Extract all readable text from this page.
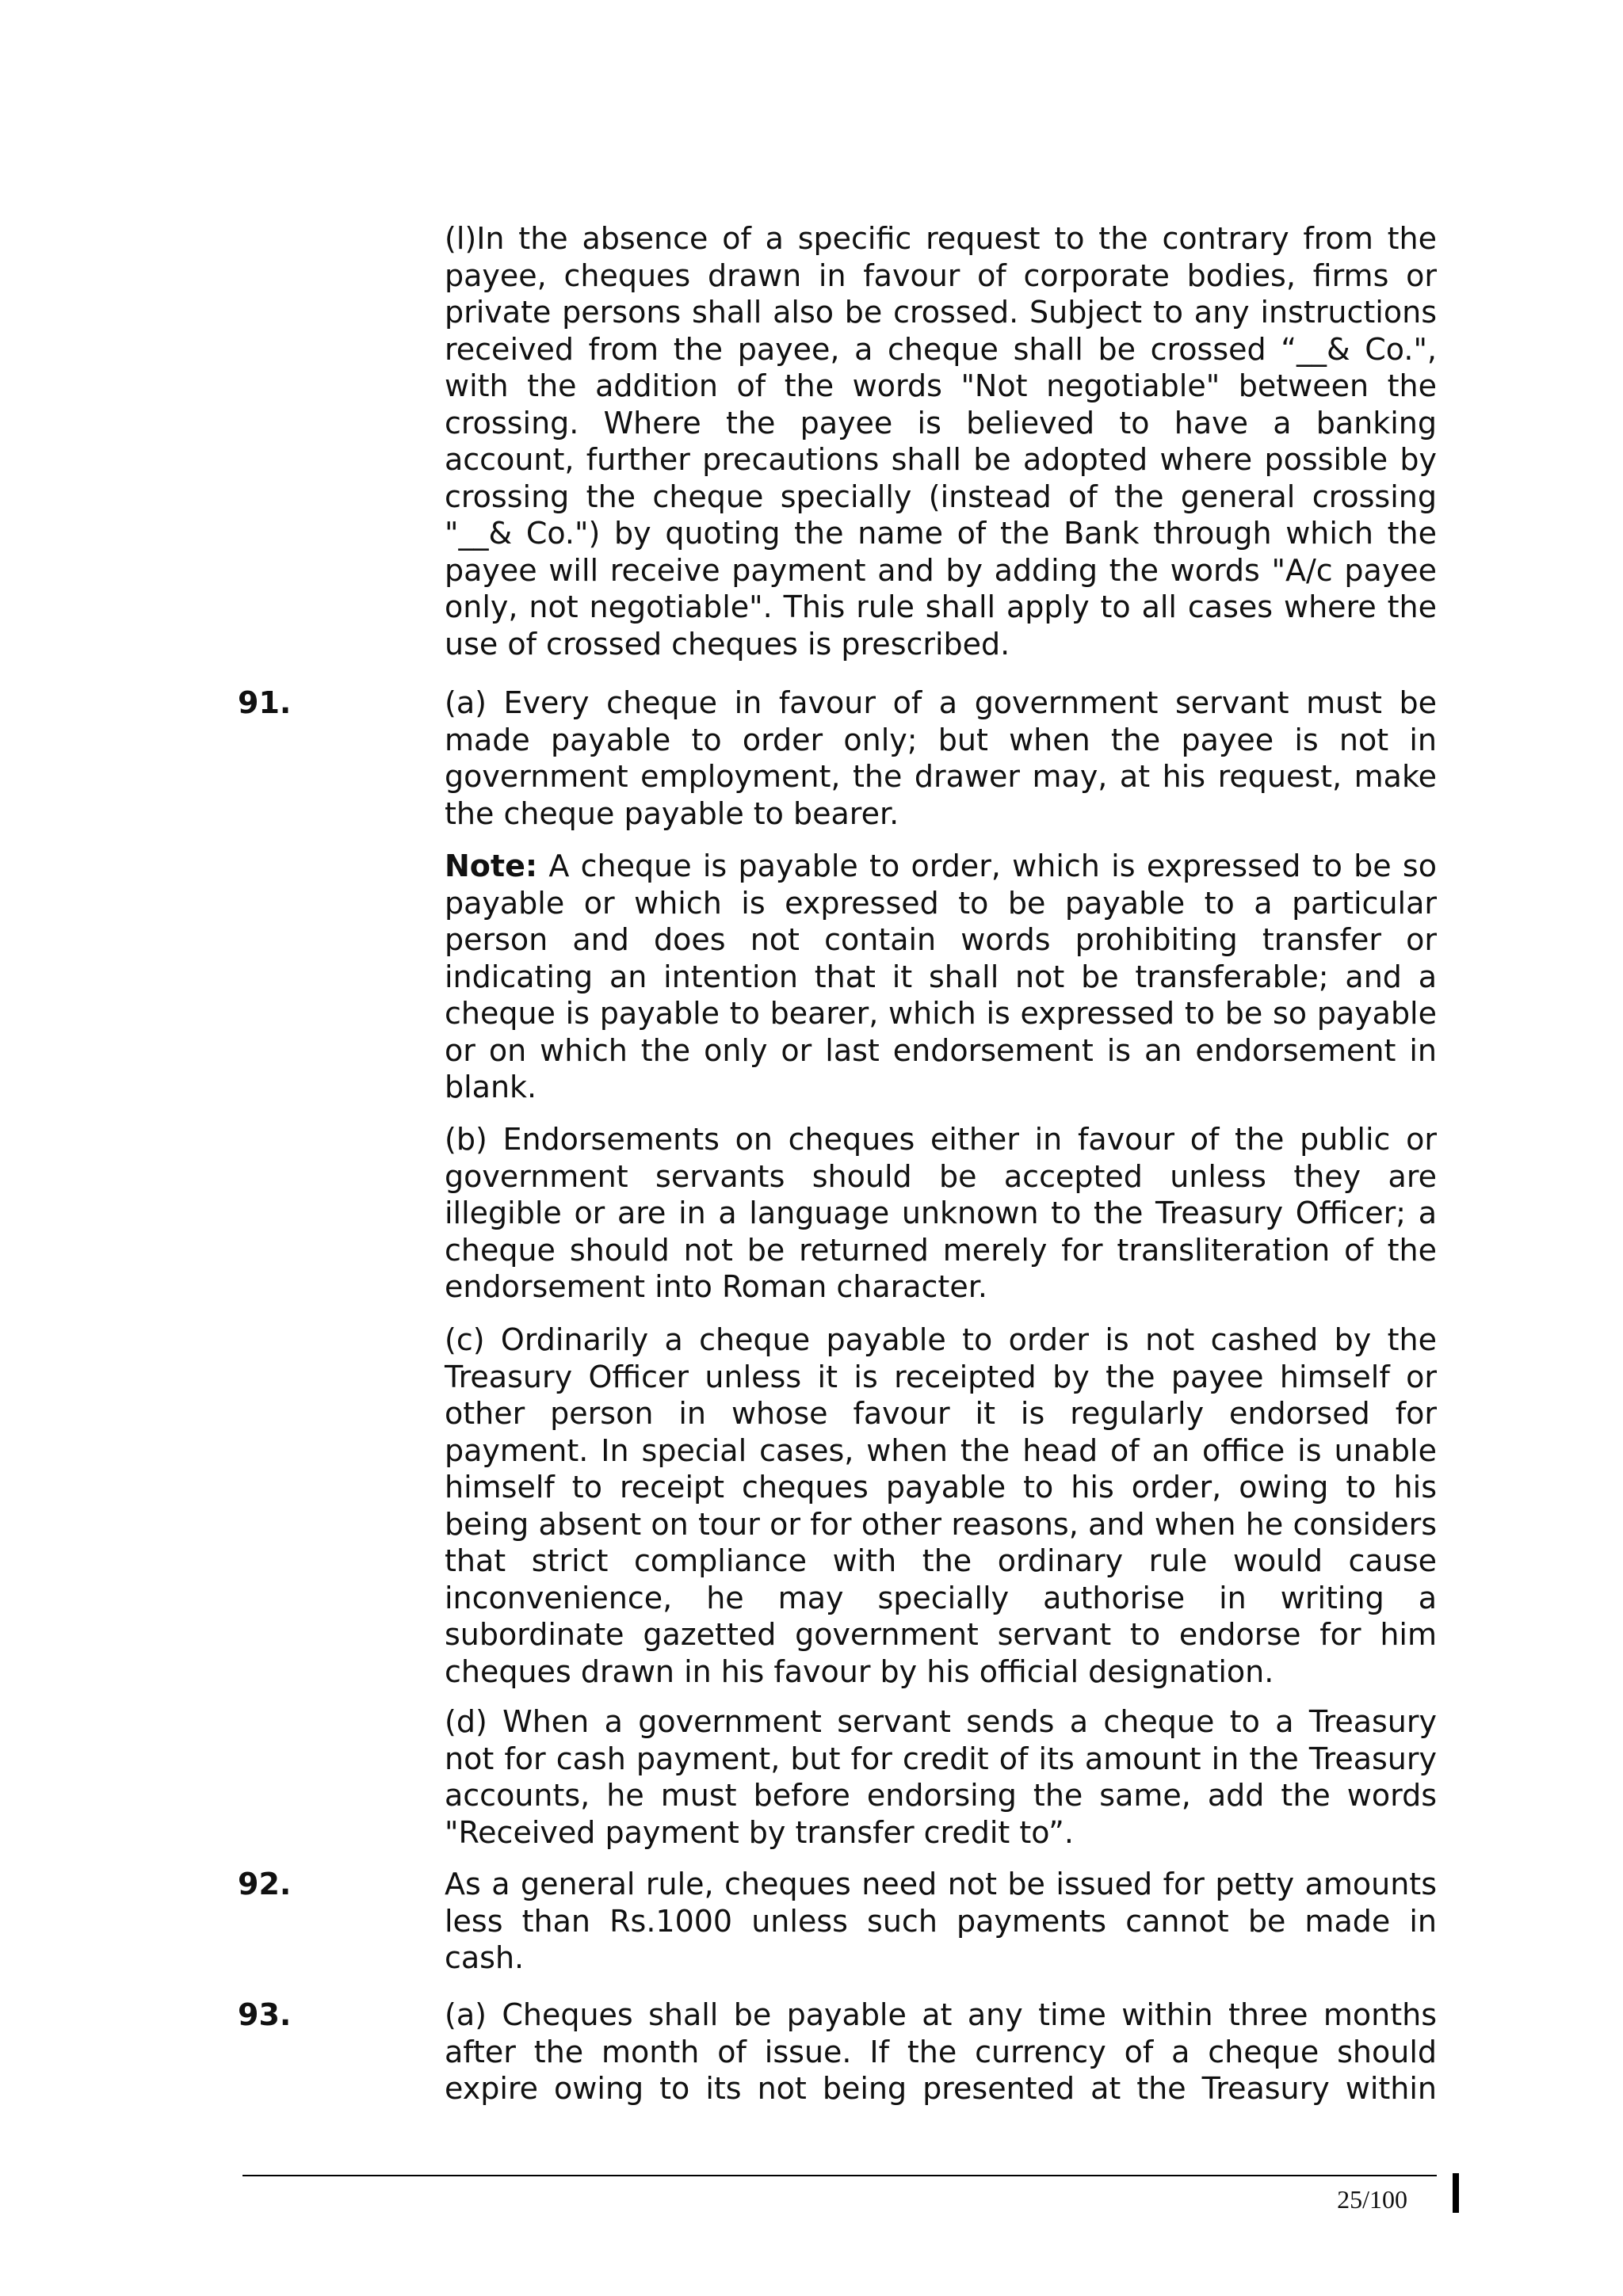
(l)In the absence of a specific request to the contrary from the payee, cheques drawn in favour of corporate bodies, firms or private persons shall also be crossed. Subject to any instructions received from the payee, a cheque shall be crossed “__& Co.", with the addition of the words "Not negotiable" between the crossing. Where the payee is believed to have a banking account, further precautions shall be adopted where possible by crossing the cheque specially (instead of the general crossing "__& Co.") by quoting the name of the Bank through which the payee will receive payment and by adding the words "A/c payee only, not negotiable". This rule shall apply to all cases where the use of crossed cheques is prescribed.

91.	(a) Every cheque in favour of a government servant must be made payable to order only; but when the payee is not in government employment, the drawer may, at his request, make the cheque payable to bearer.

Note: A cheque is payable to order, which is expressed to be so payable or which is expressed to be payable to a particular person and does not contain words prohibiting transfer or indicating an intention that it shall not be transferable; and a cheque is payable to bearer, which is expressed to be so payable or on which the only or last endorsement is an endorsement in blank.

(b) Endorsements on cheques either in favour of the public or government servants should be accepted unless they are illegible or are in a language unknown to the Treasury Officer; a cheque should not be returned merely for transliteration of the endorsement into Roman character.

(c) Ordinarily a cheque payable to order is not cashed by the Treasury Officer unless it is receipted by the payee himself or other person in whose favour it is regularly endorsed for payment. In special cases, when the head of an office is unable himself to receipt cheques payable to his order, owing to his being absent on tour or for other reasons, and when he considers that strict compliance with the ordinary rule would cause inconvenience, he may specially authorise in writing a subordinate gazetted government servant to endorse for him cheques drawn in his favour by his official designation.

(d) When a government servant sends a cheque to a Treasury not for cash payment, but for credit of its amount in the Treasury accounts, he must before endorsing the same, add the words "Received payment by transfer credit to”.

92.	As a general rule, cheques need not be issued for petty amounts less than Rs.1000 unless such payments cannot be made in cash.

93.	(a) Cheques shall be payable at any time within three months after the month of issue. If the currency of a cheque should expire owing to its not being presented at the Treasury within

25/100
